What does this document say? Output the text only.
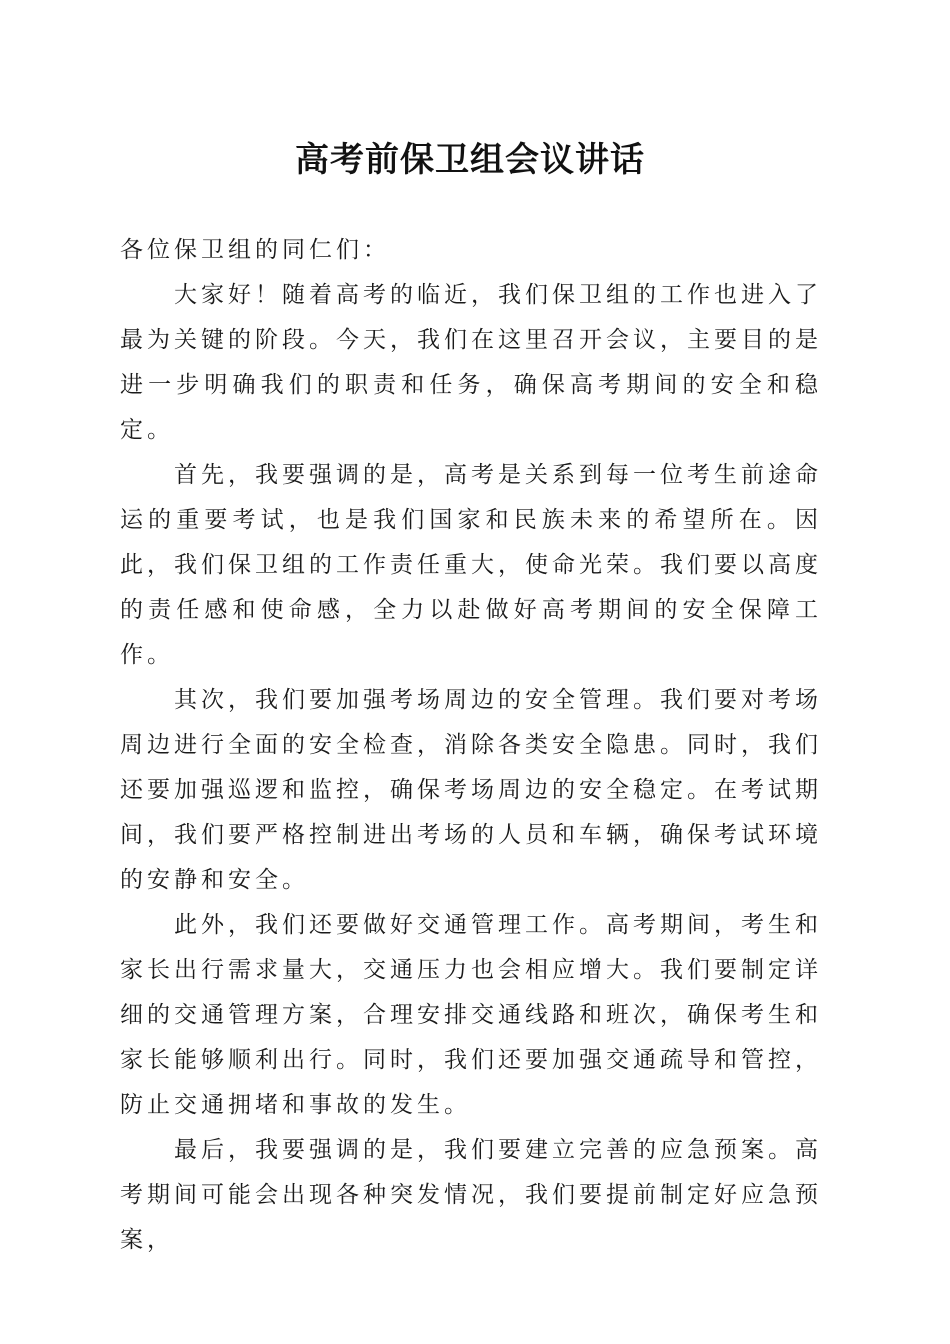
高考前保卫组会议讲话

各位保卫组的同仁们：

大家好！随着高考的临近，我们保卫组的工作也进入了最为关键的阶段。今天，我们在这里召开会议，主要目的是进一步明确我们的职责和任务，确保高考期间的安全和稳定。

首先，我要强调的是，高考是关系到每一位考生前途命运的重要考试，也是我们国家和民族未来的希望所在。因此，我们保卫组的工作责任重大，使命光荣。我们要以高度的责任感和使命感，全力以赴做好高考期间的安全保障工作。

其次，我们要加强考场周边的安全管理。我们要对考场周边进行全面的安全检查，消除各类安全隐患。同时，我们还要加强巡逻和监控，确保考场周边的安全稳定。在考试期间，我们要严格控制进出考场的人员和车辆，确保考试环境的安静和安全。

此外，我们还要做好交通管理工作。高考期间，考生和家长出行需求量大，交通压力也会相应增大。我们要制定详细的交通管理方案，合理安排交通线路和班次，确保考生和家长能够顺利出行。同时，我们还要加强交通疏导和管控，防止交通拥堵和事故的发生。

最后，我要强调的是，我们要建立完善的应急预案。高考期间可能会出现各种突发情况，我们要提前制定好应急预案，
